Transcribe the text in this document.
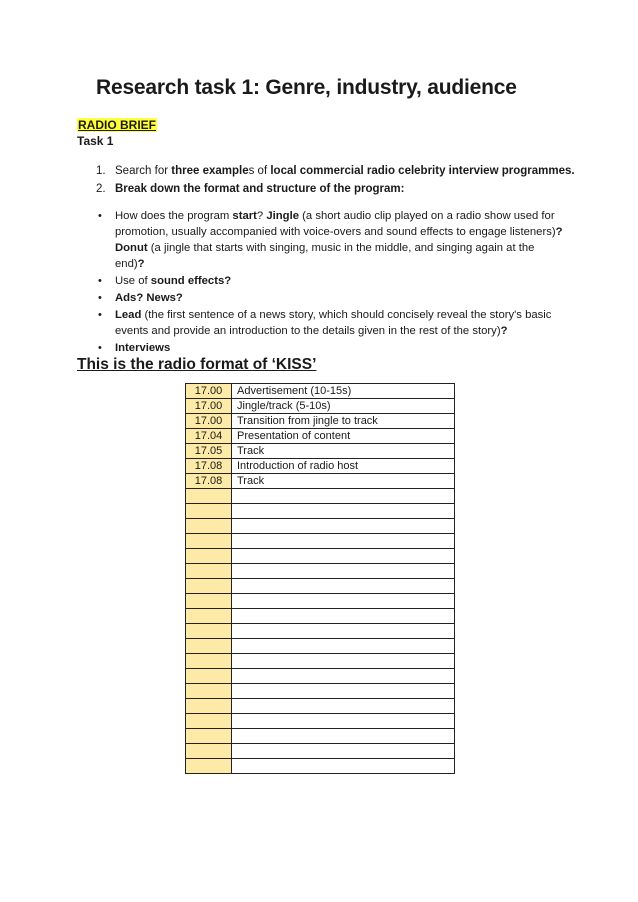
Research task 1: Genre, industry, audience
RADIO BRIEF
Task 1
1. Search for three examples of local commercial radio celebrity interview programmes.
2. Break down the format and structure of the program:
• How does the program start? Jingle (a short audio clip played on a radio show used for promotion, usually accompanied with voice-overs and sound effects to engage listeners)? Donut (a jingle that starts with singing, music in the middle, and singing again at the end)?
• Use of sound effects?
• Ads? News?
• Lead (the first sentence of a news story, which should concisely reveal the story's basic events and provide an introduction to the details given in the rest of the story)?
• Interviews
This is the radio format of ‘KISS’
17.00	Advertisement (10-15s)
17.00	Jingle/track (5-10s)
17.00	Transition from jingle to track
17.04	Presentation of content
17.05	Track
17.08	Introduction of radio host
17.08	Track
